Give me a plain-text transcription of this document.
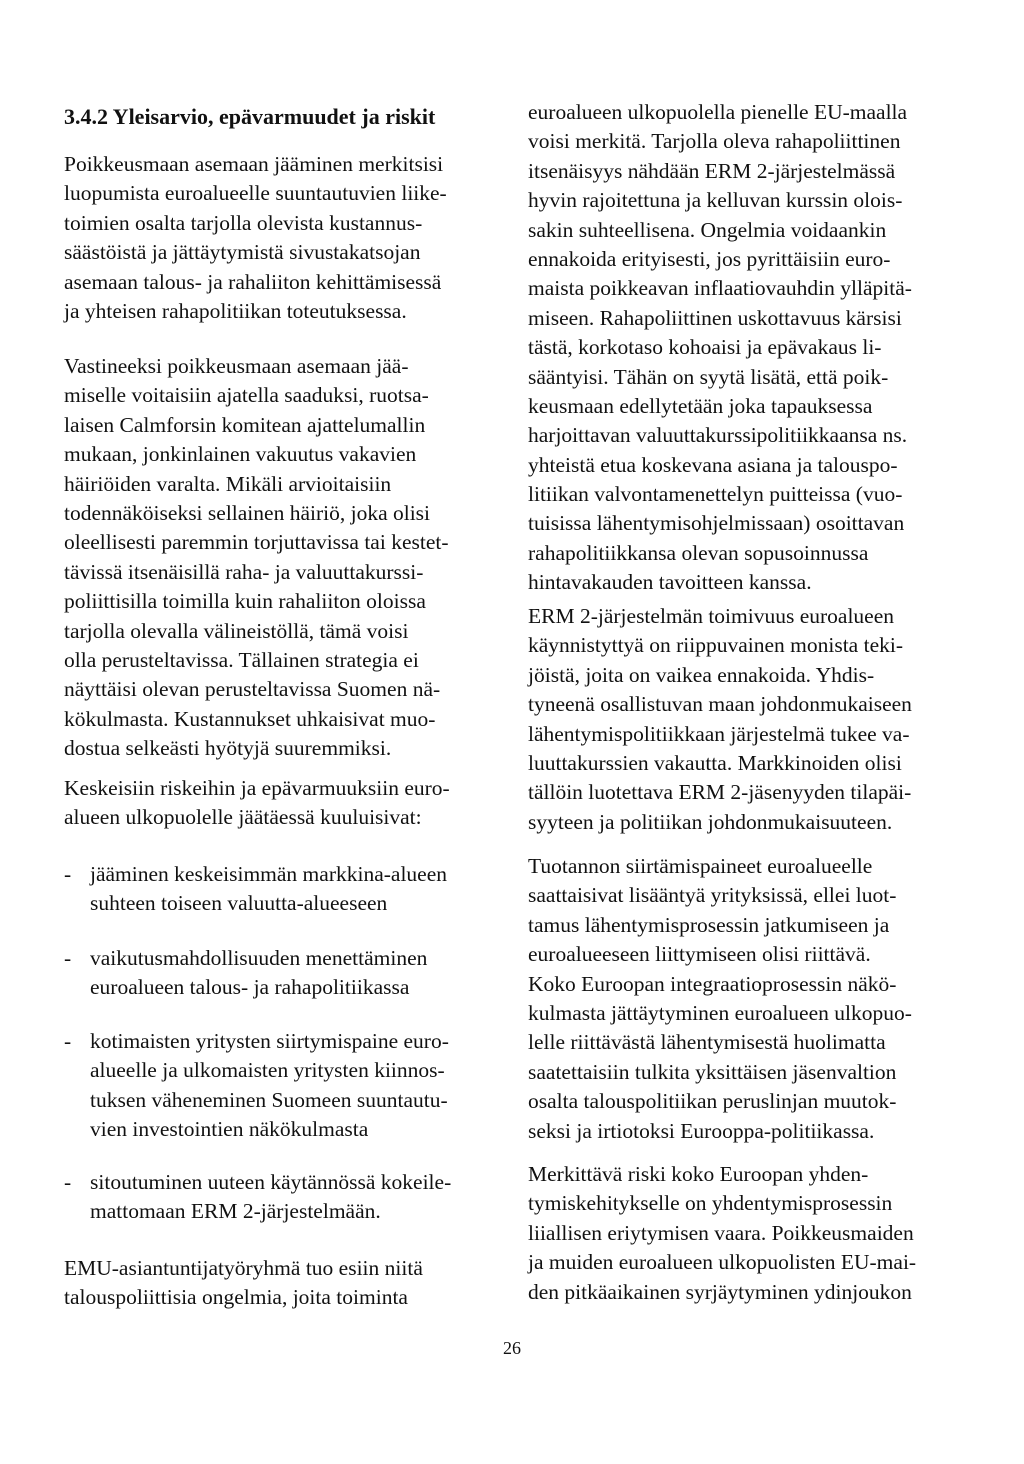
3.4.2 Yleisarvio, epävarmuudet ja riskit
Poikkeusmaan asemaan jääminen merkitsisi
luopumista euroalueelle suuntautuvien liike-
toimien osalta tarjolla olevista kustannus-
säästöistä ja jättäytymistä sivustakatsojan
asemaan talous- ja rahaliiton kehittämisessä
ja yhteisen rahapolitiikan toteutuksessa.
Vastineeksi poikkeusmaan asemaan jää-
miselle voitaisiin ajatella saaduksi, ruotsa-
laisen Calmforsin komitean ajattelumallin
mukaan, jonkinlainen vakuutus vakavien
häiriöiden varalta. Mikäli arvioitaisiin
todennäköiseksi sellainen häiriö, joka olisi
oleellisesti paremmin torjuttavissa tai kestet-
tävissä itsenäisillä raha- ja valuuttakurssi-
poliittisilla toimilla kuin rahaliiton oloissa
tarjolla olevalla välineistöllä, tämä voisi
olla perusteltavissa. Tällainen strategia ei
näyttäisi olevan perusteltavissa Suomen nä-
kökulmasta. Kustannukset uhkaisivat muo-
dostua selkeästi hyötyjä suuremmiksi.
Keskeisiin riskeihin ja epävarmuuksiin euro-
alueen ulkopuolelle jäätäessä kuuluisivat:
- jääminen keskeisimmän markkina-alueen
suhteen toiseen valuutta-alueeseen
- vaikutusmahdollisuuden menettäminen
euroalueen talous- ja rahapolitiikassa
- kotimaisten yritysten siirtymispaine euro-
alueelle ja ulkomaisten yritysten kiinnos-
tuksen väheneminen Suomeen suuntautu-
vien investointien näkökulmasta
- sitoutuminen uuteen käytännössä kokeile-
mattomaan ERM 2-järjestelmään.
EMU-asiantuntijatyöryhmä tuo esiin niitä
talouspoliittisia ongelmia, joita toiminta
euroalueen ulkopuolella pienelle EU-maalla
voisi merkitä. Tarjolla oleva rahapoliittinen
itsenäisyys nähdään ERM 2-järjestelmässä
hyvin rajoitettuna ja kelluvan kurssin olois-
sakin suhteellisena. Ongelmia voidaankin
ennakoida erityisesti, jos pyrittäisiin euro-
maista poikkeavan inflaatiovauhdin ylläpitä-
miseen. Rahapoliittinen uskottavuus kärsisi
tästä, korkotaso kohoaisi ja epävakaus li-
sääntyisi. Tähän on syytä lisätä, että poik-
keusmaan edellytetään joka tapauksessa
harjoittavan valuuttakurssipolitiikkaansa ns.
yhteistä etua koskevana asiana ja talouspo-
litiikan valvontamenettelyn puitteissa (vuo-
tuisissa lähentymisohjelmissaan) osoittavan
rahapolitiikkansa olevan sopusoinnussa
hintavakauden tavoitteen kanssa.
ERM 2-järjestelmän toimivuus euroalueen
käynnistyttyä on riippuvainen monista teki-
jöistä, joita on vaikea ennakoida. Yhdis-
tyneenä osallistuvan maan johdonmukaiseen
lähentymispolitiikkaan järjestelmä tukee va-
luuttakurssien vakautta. Markkinoiden olisi
tällöin luotettava ERM 2-jäsenyyden tilapäi-
syyteen ja politiikan johdonmukaisuuteen.
Tuotannon siirtämispaineet euroalueelle
saattaisivat lisääntyä yrityksissä, ellei luot-
tamus lähentymisprosessin jatkumiseen ja
euroalueeseen liittymiseen olisi riittävä.
Koko Euroopan integraatioprosessin näkö-
kulmasta jättäytyminen euroalueen ulkopuo-
lelle riittävästä lähentymisestä huolimatta
saatettaisiin tulkita yksittäisen jäsenvaltion
osalta talouspolitiikan peruslinjan muutok-
seksi ja irtiotoksi Eurooppa-politiikassa.
Merkittävä riski koko Euroopan yhden-
tymiskehitykselle on yhdentymisprosessin
liiallisen eriytymisen vaara. Poikkeusmaiden
ja muiden euroalueen ulkopuolisten EU-mai-
den pitkäaikainen syrjäytyminen ydinjoukon
26
